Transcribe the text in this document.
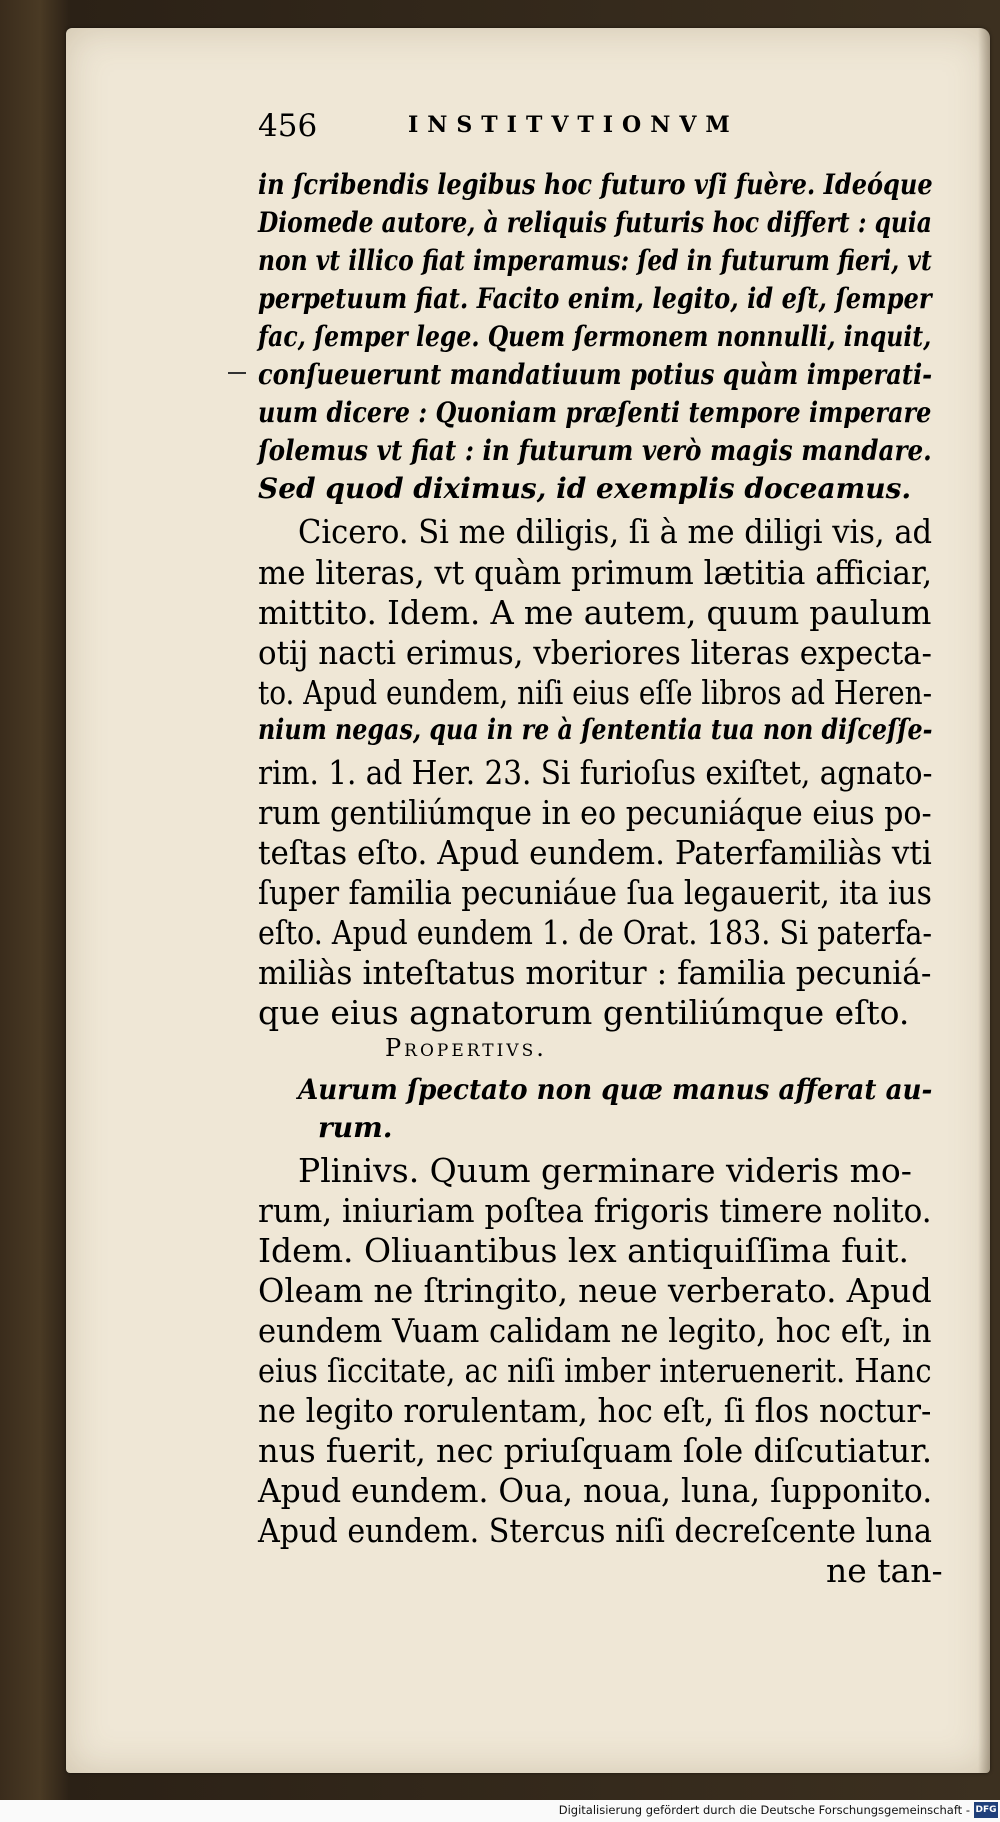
456	INSTITVTIONVM
in ſcribendis legibus hoc futuro vſi fuère. Ideóque
Diomede autore, à reliquis futuris hoc differt : quia
non vt illico fiat imperamus: ſed in futurum fieri, vt
perpetuum fiat. Facito enim, legito, id eſt, ſemper
fac, ſemper lege. Quem ſermonem nonnulli, inquit,
conſueuerunt mandatiuum potius quàm imperati-
uum dicere : Quoniam præſenti tempore imperare
ſolemus vt fiat : in futurum verò magis mandare.
Sed quod diximus, id exemplis doceamus.
Cicero. Si me diligis, ſi à me diligi vis, ad
me literas, vt quàm primum lætitia afficiar,
mittito. Idem. A me autem, quum paulum
otij nacti erimus, vberiores literas expecta-
to. Apud eundem, niſi eius eſſe libros ad Heren-
nium negas, qua in re à ſententia tua non diſceſſe-
rim. 1. ad Her. 23. Si furioſus exiſtet, agnato-
rum gentiliúmque in eo pecuniáque eius po-
teſtas eſto. Apud eundem. Paterfamiliàs vti
ſuper familia pecuniáue ſua legauerit, ita ius
eſto. Apud eundem 1. de Orat. 183. Si paterfa-
miliàs inteſtatus moritur : familia pecuniá-
que eius agnatorum gentiliúmque eſto.
Propertivs.
Aurum ſpectato non quæ manus afferat au-
rum.
Plinivs. Quum germinare videris mo-
rum, iniuriam poſtea frigoris timere nolito.
Idem. Oliuantibus lex antiquiſſima fuit.
Oleam ne ſtringito, neue verberato. Apud
eundem Vuam calidam ne legito, hoc eſt, in
eius ſiccitate, ac niſi imber interuenerit. Hanc
ne legito rorulentam, hoc eſt, ſi flos noctur-
nus fuerit, nec priuſquam ſole diſcutiatur.
Apud eundem. Oua, noua, luna, ſupponito.
Apud eundem. Stercus niſi decreſcente luna
ne tan-
Digitalisierung gefördert durch die Deutsche Forschungsgemeinschaft - DFG
